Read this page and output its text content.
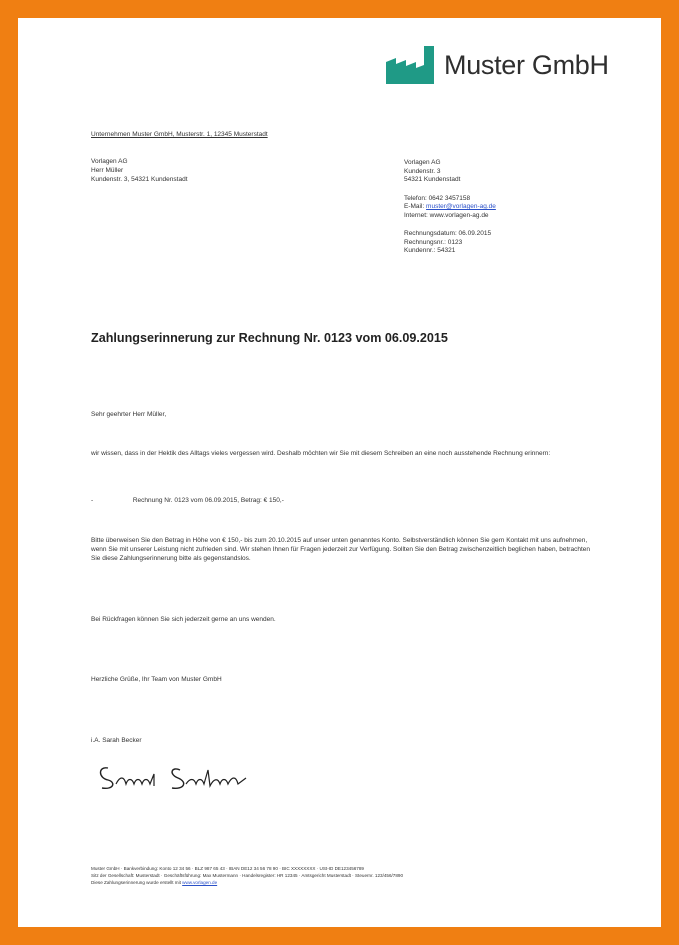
Muster GmbH
Unternehmen Muster GmbH, Musterstr. 1, 12345 Musterstadt
Vorlagen AG
Herr Müller
Kundenstr. 3, 54321 Kundenstadt
Vorlagen AG
Kundenstr. 3
54321 Kundenstadt
Telefon: 0642 3457158
E-Mail: muster@vorlagen-ag.de
Internet: www.vorlagen-ag.de
Rechnungsdatum: 06.09.2015
Rechnungsnr.: 0123
Kundennr.: 54321
Zahlungserinnerung zur Rechnung Nr. 0123 vom 06.09.2015
Sehr geehrter Herr Müller,
wir wissen, dass in der Hektik des Alltags vieles vergessen wird. Deshalb möchten wir Sie mit diesem Schreiben an eine noch ausstehende Rechnung erinnern:
-	Rechnung Nr. 0123 vom 06.09.2015, Betrag: € 150,-
Bitte überweisen Sie den Betrag in Höhe von € 150,- bis zum 20.10.2015 auf unser unten genanntes Konto. Selbstverständlich können Sie gern Kontakt mit uns aufnehmen, wenn Sie mit unserer Leistung nicht zufrieden sind. Wir stehen Ihnen für Fragen jederzeit zur Verfügung. Sollten Sie den Betrag zwischenzeitlich beglichen haben, betrachten Sie diese Zahlungserinnerung bitte als gegenstandslos.
Bei Rückfragen können Sie sich jederzeit gerne an uns wenden.
Herzliche Grüße, Ihr Team von Muster GmbH
i.A. Sarah Becker
Muster GmbH · Bankverbindung: Konto 12 34 56 · BLZ 987 65 43 · IBAN DE12 34 56 78 90 · BIC XXXXXXXX · USt-ID DE123456789
Sitz der Gesellschaft: Musterstadt · Geschäftsführung: Max Mustermann · Handelsregister: HR 12345 · Amtsgericht Musterstadt · Steuernr. 123/456/7890
Diese Zahlungserinnerung wurde erstellt mit www.vorlagen.de
